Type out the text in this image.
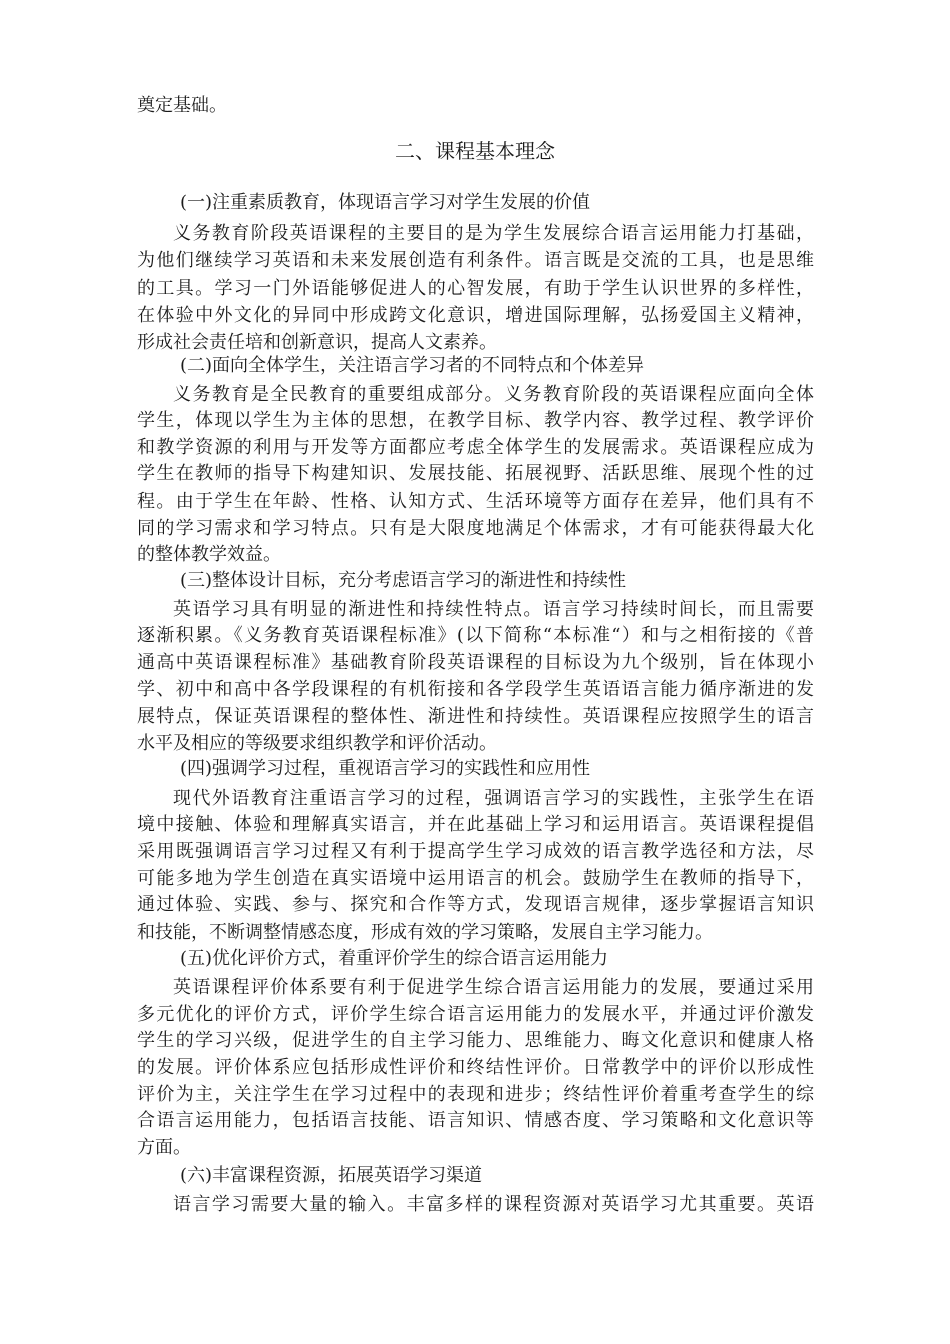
奠定基础。
二、课程基本理念
(一)注重素质教育，体现语言学习对学生发展的价值
义务教育阶段英语课程的主要目的是为学生发展综合语言运用能力打基础，
为他们继续学习英语和未来发展创造有利条件。语言既是交流的工具，也是思维
的工具。学习一门外语能够促进人的心智发展，有助于学生认识世界的多样性，
在体验中外文化的异同中形成跨文化意识，增进国际理解，弘扬爱国主义精神，
形成社会责任培和创新意识，提高人文素养。
(二)面向全体学生，关注语言学习者的不同特点和个体差异
义务教育是全民教育的重要组成部分。义务教育阶段的英语课程应面向全体
学生，体现以学生为主体的思想，在教学目标、教学内容、教学过程、教学评价
和教学资源的利用与开发等方面都应考虑全体学生的发展需求。英语课程应成为
学生在教师的指导下构建知识、发展技能、拓展视野、活跃思维、展现个性的过
程。由于学生在年龄、性格、认知方式、生活环境等方面存在差异，他们具有不
同的学习需求和学习特点。只有是大限度地满足个体需求，才有可能获得最大化
的整体教学效益。
(三)整体设计目标，充分考虑语言学习的渐进性和持续性
英语学习具有明显的渐进性和持续性特点。语言学习持续时间长，而且需要
逐渐积累。《义务教育英语课程标准》(以下简称“本标准“）和与之相衔接的《普
通高中英语课程标准》基础教育阶段英语课程的目标设为九个级别，旨在体现小
学、初中和高中各学段课程的有机衔接和各学段学生英语语言能力循序渐进的发
展特点，保证英语课程的整体性、渐进性和持续性。英语课程应按照学生的语言
水平及相应的等级要求组织教学和评价活动。
(四)强调学习过程，重视语言学习的实践性和应用性
现代外语教育注重语言学习的过程，强调语言学习的实践性，主张学生在语
境中接触、体验和理解真实语言，并在此基础上学习和运用语言。英语课程提倡
采用既强调语言学习过程又有利于提高学生学习成效的语言教学选径和方法，尽
可能多地为学生创造在真实语境中运用语言的机会。鼓励学生在教师的指导下，
通过体验、实践、参与、探究和合作等方式，发现语言规律，逐步掌握语言知识
和技能，不断调整情感态度，形成有效的学习策略，发展自主学习能力。
(五)优化评价方式，着重评价学生的综合语言运用能力
英语课程评价体系要有利于促进学生综合语言运用能力的发展，要通过采用
多元优化的评价方式，评价学生综合语言运用能力的发展水平，并通过评价激发
学生的学习兴级，促进学生的自主学习能力、思维能力、晦文化意识和健康人格
的发展。评价体系应包括形成性评价和终结性评价。日常教学中的评价以形成性
评价为主，关注学生在学习过程中的表现和进步；终结性评价着重考查学生的综
合语言运用能力，包括语言技能、语言知识、情感杏度、学习策略和文化意识等
方面。
(六)丰富课程资源，拓展英语学习渠道
语言学习需要大量的输入。丰富多样的课程资源对英语学习尤其重要。英语
